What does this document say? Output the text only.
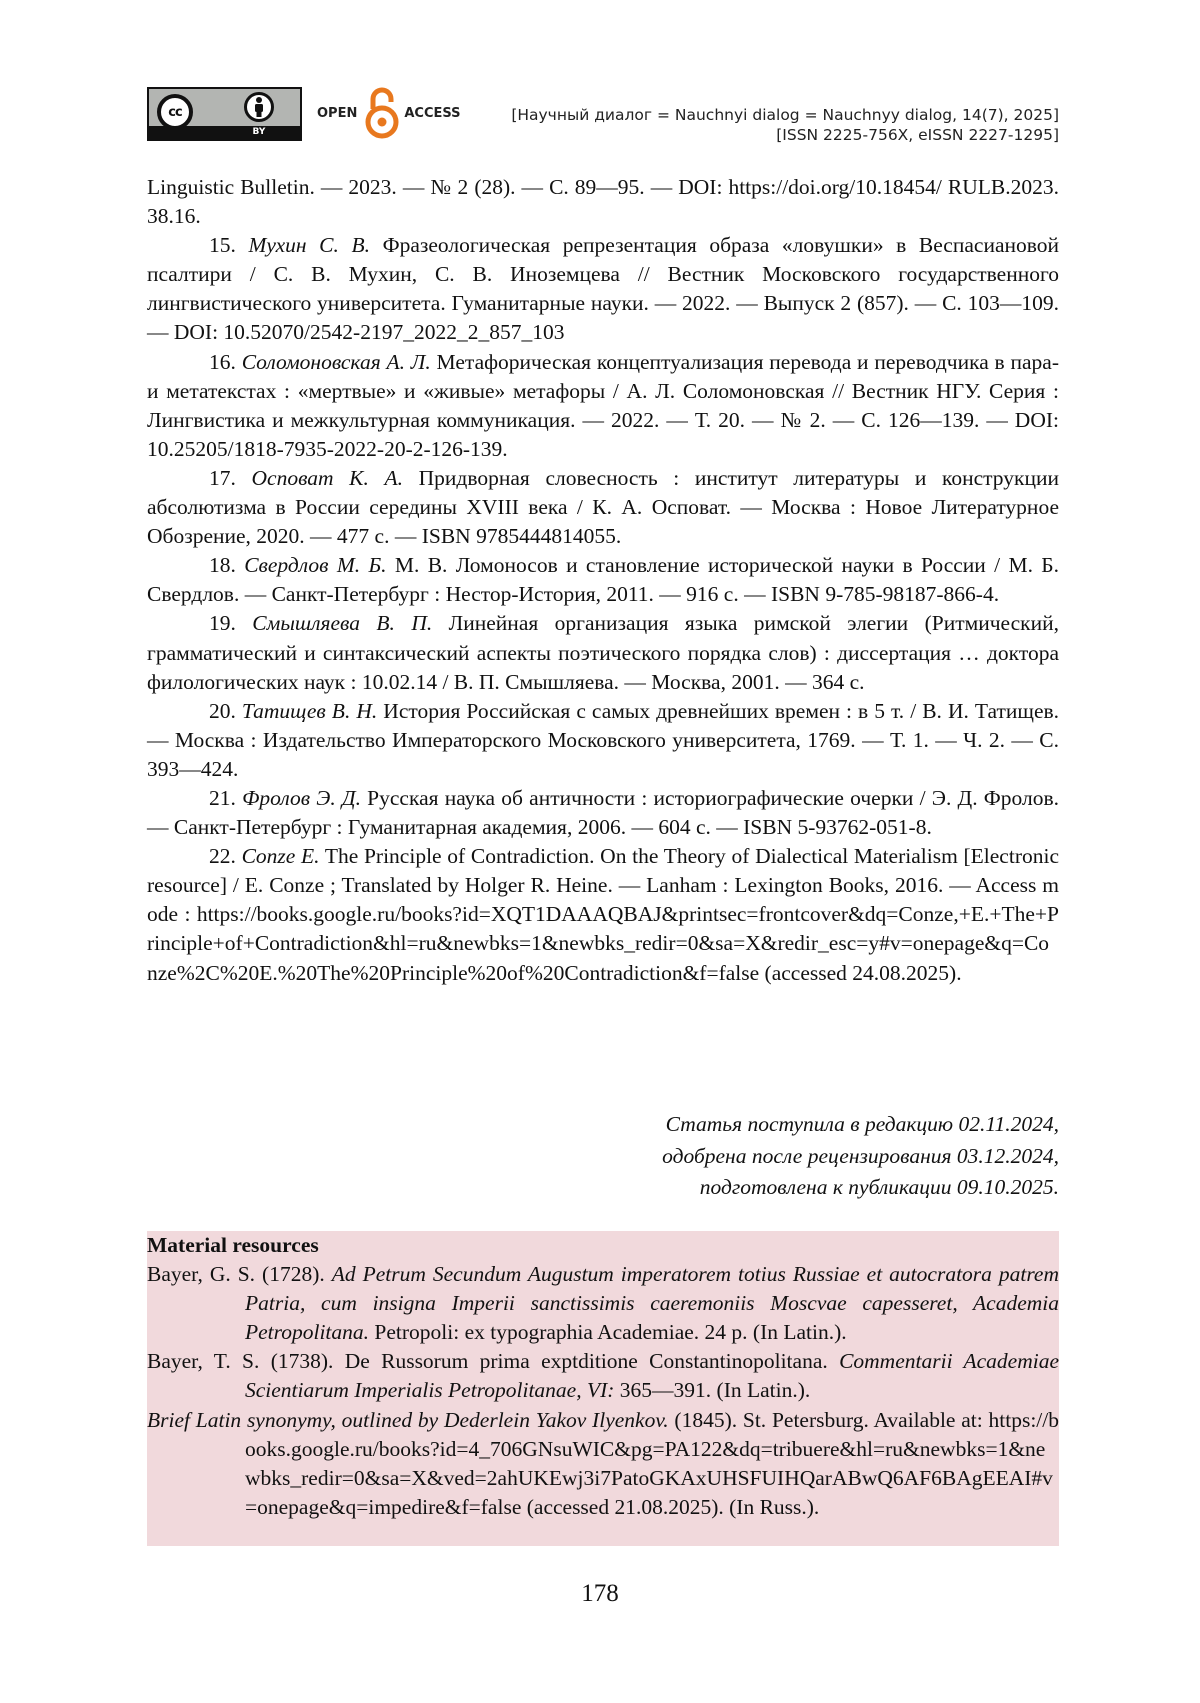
cc
BY
OPEN	ACCESS	[Научный диалог = Nauchnyi dialog = Nauchnyy dialog, 14(7), 2025]
[ISSN 2225-756X, eISSN 2227-1295]

Linguistic Bulletin. — 2023. — № 2 (28). — С. 89—95. — DOI: https://doi.org/10.18454/ RULB.2023.38.16.

15. Мухин С. В. Фразеологическая репрезентация образа «ловушки» в Веспасиановой псалтири / С. В. Мухин, С. В. Иноземцева // Вестник Московского государственного лингвистического университета. Гуманитарные науки. — 2022. — Выпуск 2 (857). — С. 103—109. — DOI: 10.52070/2542-2197_2022_2_857_103

16. Соломоновская А. Л. Метафорическая концептуализация перевода и переводчика в пара- и метатекстах : «мертвые» и «живые» метафоры / А. Л. Соломоновская // Вестник НГУ. Серия : Лингвистика и межкультурная коммуникация. — 2022. — Т. 20. — № 2. — С. 126—139. — DOI: 10.25205/1818-7935-2022-20-2-126-139.

17. Осповат К. А. Придворная словесность : институт литературы и конструкции абсолютизма в России середины XVIII века / К. А. Осповат. — Москва : Новое Литературное Обозрение, 2020. — 477 с. — ISBN 9785444814055.

18. Свердлов М. Б. М. В. Ломоносов и становление исторической науки в России / М. Б. Свердлов. — Санкт-Петербург : Нестор-История, 2011. — 916 с. — ISBN 9-785-98187-866-4.

19. Смышляева В. П. Линейная организация языка римской элегии (Ритмический, грамматический и синтаксический аспекты поэтического порядка слов) : диссертация … доктора филологических наук : 10.02.14 / В. П. Смышляева. — Москва, 2001. — 364 с.

20. Татищев В. Н. История Российская с самых древнейших времен : в 5 т. / В. И. Татищев. — Москва : Издательство Императорского Московского университета, 1769. — Т. 1. — Ч. 2. — С. 393—424.

21. Фролов Э. Д. Русская наука об античности : историографические очерки / Э. Д. Фролов. — Санкт-Петербург : Гуманитарная академия, 2006. — 604 с. — ISBN 5-93762-051-8.

22. Conze E. The Principle of Contradiction. On the Theory of Dialectical Materialism [Electronic resource] / E. Conze ; Translated by Holger R. Heine. — Lanham : Lexington Books, 2016. — Access mode : https://books.google.ru/books?id=XQT1DAAAQBAJ&printsec=frontcover&dq=Conze,+E.+The+Principle+of+Contradiction&hl=ru&newbks=1&newbks_redir=0&sa=X&redir_esc=y#v=onepage&q=Conze%2C%20E.%20The%20Principle%20of%20Contradiction&f=false (accessed 24.08.2025).

Статья поступила в редакцию 02.11.2024,
одобрена после рецензирования 03.12.2024,
подготовлена к публикации 09.10.2025.
Material resources
Bayer, G. S. (1728). Ad Petrum Secundum Augustum imperatorem totius Russiae et autocratora patrem Patria, cum insigna Imperii sanctissimis caeremoniis Moscvae capesseret, Academia Petropolitana. Petropoli: ex typographia Academiae. 24 p. (In Latin.).
Bayer, T. S. (1738). De Russorum prima exptditione Constantinopolitana. Commentarii Academiae Scientiarum Imperialis Petropolitanae, VI: 365—391. (In Latin.).
Brief Latin synonymy, outlined by Dederlein Yakov Ilyenkov. (1845). St. Petersburg. Available at: https://books.google.ru/books?id=4_706GNsuWIC&pg=PA122&dq=tribuere&hl=ru&newbks=1&newbks_redir=0&sa=X&ved=2ahUKEwj3i7PatoGKAxUHSFUIHQarABwQ6AF6BAgEEAI#v=onepage&q=impedire&f=false (accessed 21.08.2025). (In Russ.).
178
